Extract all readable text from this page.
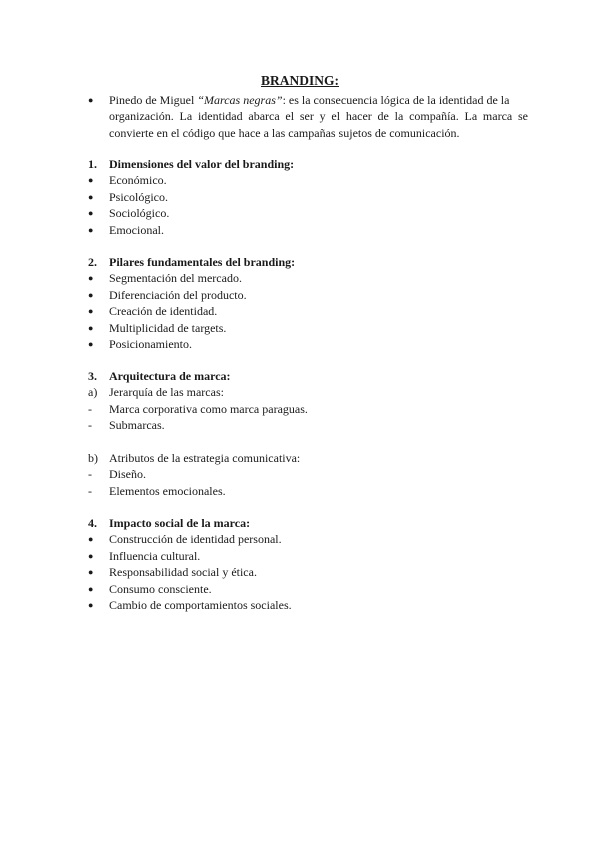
BRANDING:
●	Pinedo de Miguel “Marcas negras”: es la consecuencia lógica de la identidad de la
organización. La identidad abarca el ser y el hacer de la compañía. La marca se
convierte en el código que hace a las campañas sujetos de comunicación.
1.	Dimensiones del valor del branding:
●	Económico.
●	Psicológico.
●	Sociológico.
●	Emocional.
2.	Pilares fundamentales del branding:
●	Segmentación del mercado.
●	Diferenciación del producto.
●	Creación de identidad.
●	Multiplicidad de targets.
●	Posicionamiento.
3.	Arquitectura de marca:
a) Jerarquía de las marcas:
-	Marca corporativa como marca paraguas.
-	Submarcas.
b) Atributos de la estrategia comunicativa:
-	Diseño.
-	Elementos emocionales.
4.	Impacto social de la marca:
●	Construcción de identidad personal.
●	Influencia cultural.
●	Responsabilidad social y ética.
●	Consumo consciente.
●	Cambio de comportamientos sociales.
